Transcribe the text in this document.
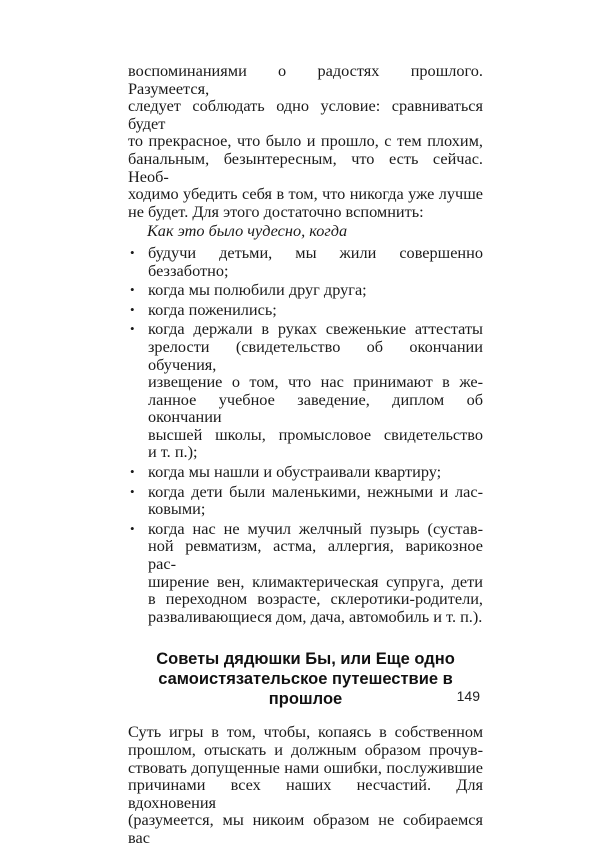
воспоминаниями о радостях прошлого. Разумеется,
следует соблюдать одно условие: сравниваться будет
то прекрасное, что было и прошло, с тем плохим,
банальным, безынтересным, что есть сейчас. Необ-
ходимо убедить себя в том, что никогда уже лучше
не будет. Для этого достаточно вспомнить:

Как это было чудесно, когда

• будучи детьми, мы жили совершенно беззаботно;
• когда мы полюбили друг друга;
• когда поженились;
• когда держали в руках свеженькие аттестаты
зрелости (свидетельство об окончании обучения,
извещение о том, что нас принимают в же-
ланное учебное заведение, диплом об окончании
высшей школы, промысловое свидетельство
и т. п.);
• когда мы нашли и обустраивали квартиру;
• когда дети были маленькими, нежными и лас-
ковыми;
• когда нас не мучил желчный пузырь (сустав-
ной ревматизм, астма, аллергия, варикозное рас-
ширение вен, климактерическая супруга, дети
в переходном возрасте, склеротики-родители,
разваливающиеся дом, дача, автомобиль и т. п.).
Советы дядюшки Бы, или Еще одно
самоистязательское путешествие в прошлое

Суть игры в том, чтобы, копаясь в собственном
прошлом, отыскать и должным образом прочув-
ствовать допущенные нами ошибки, послужившие
причинами всех наших несчастий. Для вдохновения
(разумеется, мы никоим образом не собираемся вас

149
